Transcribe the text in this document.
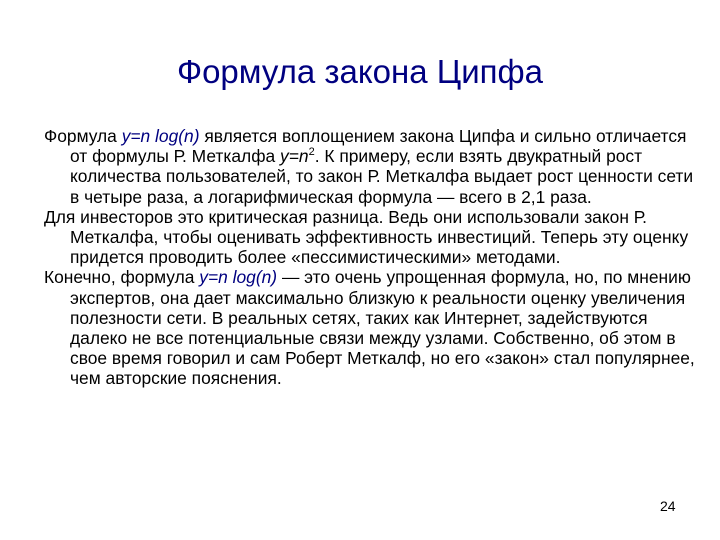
Формула закона Ципфа

Формула y=n log(n) является воплощением закона Ципфа и сильно отличается от формулы Р. Меткалфа $y=n^2$. К примеру, если взять двукратный рост количества пользователей, то закон Р. Меткалфа выдает рост ценности сети в четыре раза, а логарифмическая формула — всего в 2,1 раза.

Для инвесторов это критическая разница. Ведь они использовали закон Р. Меткалфа, чтобы оценивать эффективность инвестиций. Теперь эту оценку придется проводить более «пессимистическими» методами.

Конечно, формула y=n log(n) — это очень упрощенная формула, но, по мнению экспертов, она дает максимально близкую к реальности оценку увеличения полезности сети. В реальных сетях, таких как Интернет, задействуются далеко не все потенциальные связи между узлами. Собственно, об этом в свое время говорил и сам Роберт Меткалф, но его «закон» стал популярнее, чем авторские пояснения.

24
